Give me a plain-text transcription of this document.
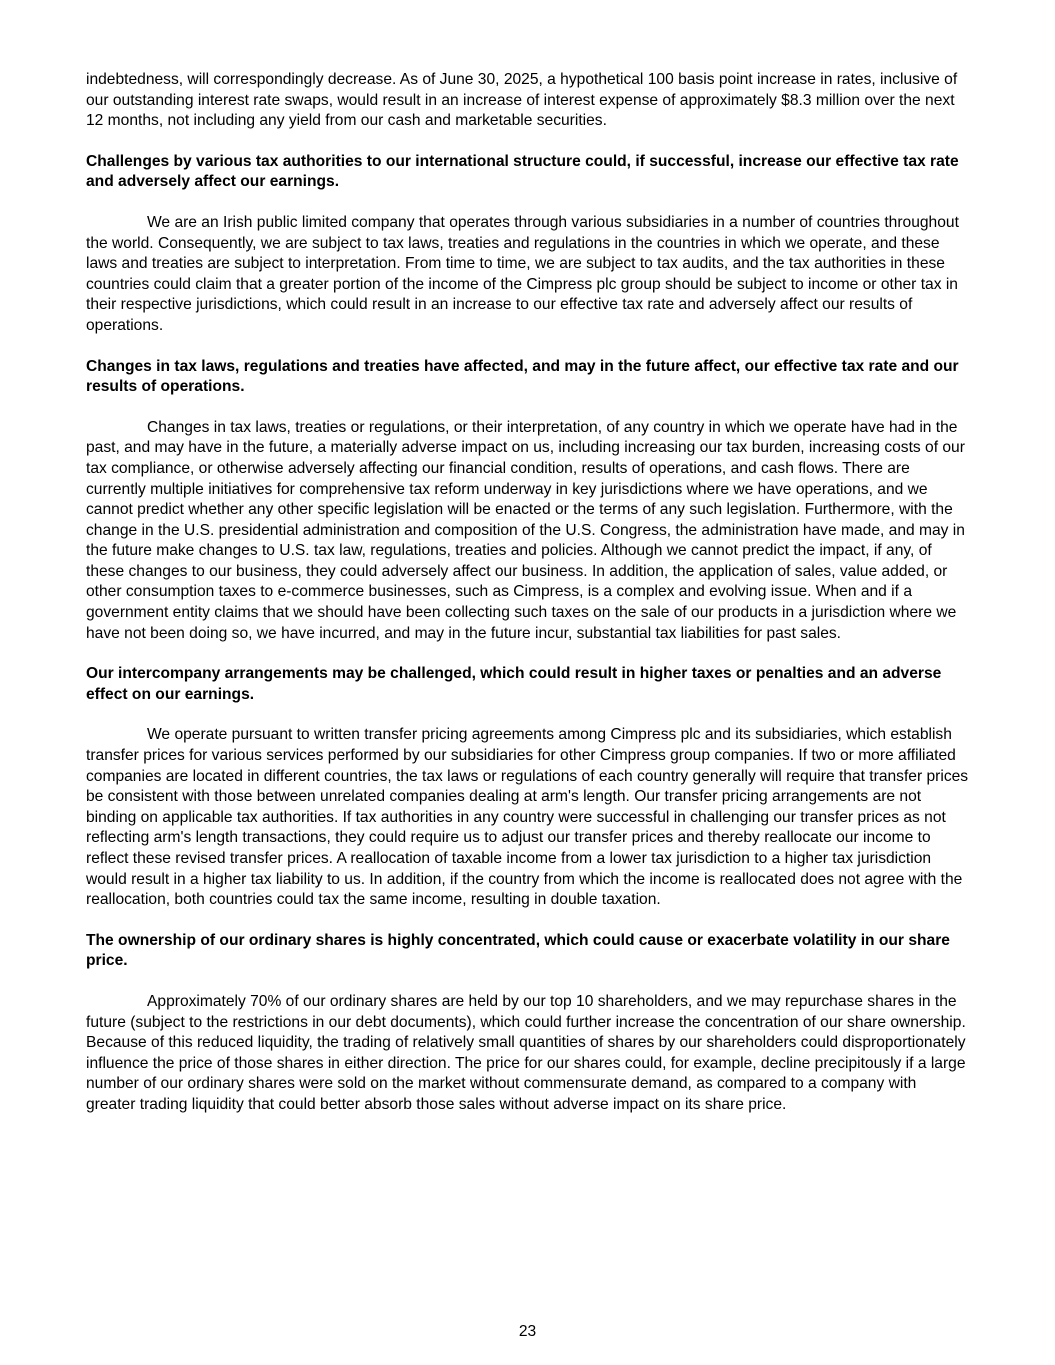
indebtedness, will correspondingly decrease. As of June 30, 2025, a hypothetical 100 basis point increase in rates, inclusive of our outstanding interest rate swaps, would result in an increase of interest expense of approximately $8.3 million over the next 12 months, not including any yield from our cash and marketable securities.

Challenges by various tax authorities to our international structure could, if successful, increase our effective tax rate and adversely affect our earnings.

We are an Irish public limited company that operates through various subsidiaries in a number of countries throughout the world. Consequently, we are subject to tax laws, treaties and regulations in the countries in which we operate, and these laws and treaties are subject to interpretation. From time to time, we are subject to tax audits, and the tax authorities in these countries could claim that a greater portion of the income of the Cimpress plc group should be subject to income or other tax in their respective jurisdictions, which could result in an increase to our effective tax rate and adversely affect our results of operations.

Changes in tax laws, regulations and treaties have affected, and may in the future affect, our effective tax rate and our results of operations.

Changes in tax laws, treaties or regulations, or their interpretation, of any country in which we operate have had in the past, and may have in the future, a materially adverse impact on us, including increasing our tax burden, increasing costs of our tax compliance, or otherwise adversely affecting our financial condition, results of operations, and cash flows. There are currently multiple initiatives for comprehensive tax reform underway in key jurisdictions where we have operations, and we cannot predict whether any other specific legislation will be enacted or the terms of any such legislation. Furthermore, with the change in the U.S. presidential administration and composition of the U.S. Congress, the administration have made, and may in the future make changes to U.S. tax law, regulations, treaties and policies. Although we cannot predict the impact, if any, of these changes to our business, they could adversely affect our business. In addition, the application of sales, value added, or other consumption taxes to e-commerce businesses, such as Cimpress, is a complex and evolving issue. When and if a government entity claims that we should have been collecting such taxes on the sale of our products in a jurisdiction where we have not been doing so, we have incurred, and may in the future incur, substantial tax liabilities for past sales.

Our intercompany arrangements may be challenged, which could result in higher taxes or penalties and an adverse effect on our earnings.

We operate pursuant to written transfer pricing agreements among Cimpress plc and its subsidiaries, which establish transfer prices for various services performed by our subsidiaries for other Cimpress group companies. If two or more affiliated companies are located in different countries, the tax laws or regulations of each country generally will require that transfer prices be consistent with those between unrelated companies dealing at arm's length. Our transfer pricing arrangements are not binding on applicable tax authorities. If tax authorities in any country were successful in challenging our transfer prices as not reflecting arm's length transactions, they could require us to adjust our transfer prices and thereby reallocate our income to reflect these revised transfer prices. A reallocation of taxable income from a lower tax jurisdiction to a higher tax jurisdiction would result in a higher tax liability to us. In addition, if the country from which the income is reallocated does not agree with the reallocation, both countries could tax the same income, resulting in double taxation.

The ownership of our ordinary shares is highly concentrated, which could cause or exacerbate volatility in our share price.

Approximately 70% of our ordinary shares are held by our top 10 shareholders, and we may repurchase shares in the future (subject to the restrictions in our debt documents), which could further increase the concentration of our share ownership. Because of this reduced liquidity, the trading of relatively small quantities of shares by our shareholders could disproportionately influence the price of those shares in either direction. The price for our shares could, for example, decline precipitously if a large number of our ordinary shares were sold on the market without commensurate demand, as compared to a company with greater trading liquidity that could better absorb those sales without adverse impact on its share price.

23
